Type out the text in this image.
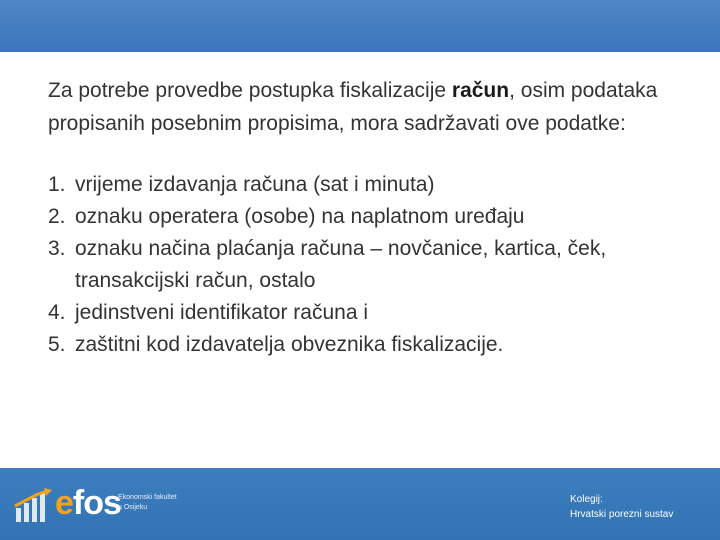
Za potrebe provedbe postupka fiskalizacije račun, osim podataka propisanih posebnim propisima, mora sadržavati ove podatke:

1. vrijeme izdavanja računa (sat i minuta)
2. oznaku operatera (osobe) na naplatnom uređaju
3. oznaku načina plaćanja računa – novčanice, kartica, ček, transakcijski račun, ostalo
4. jedinstveni identifikator računa i
5. zaštitni kod izdavatelja obveznika fiskalizacije.
efos
Ekonomski fakultet
u Osijeku
Kolegij:
Hrvatski porezni sustav
